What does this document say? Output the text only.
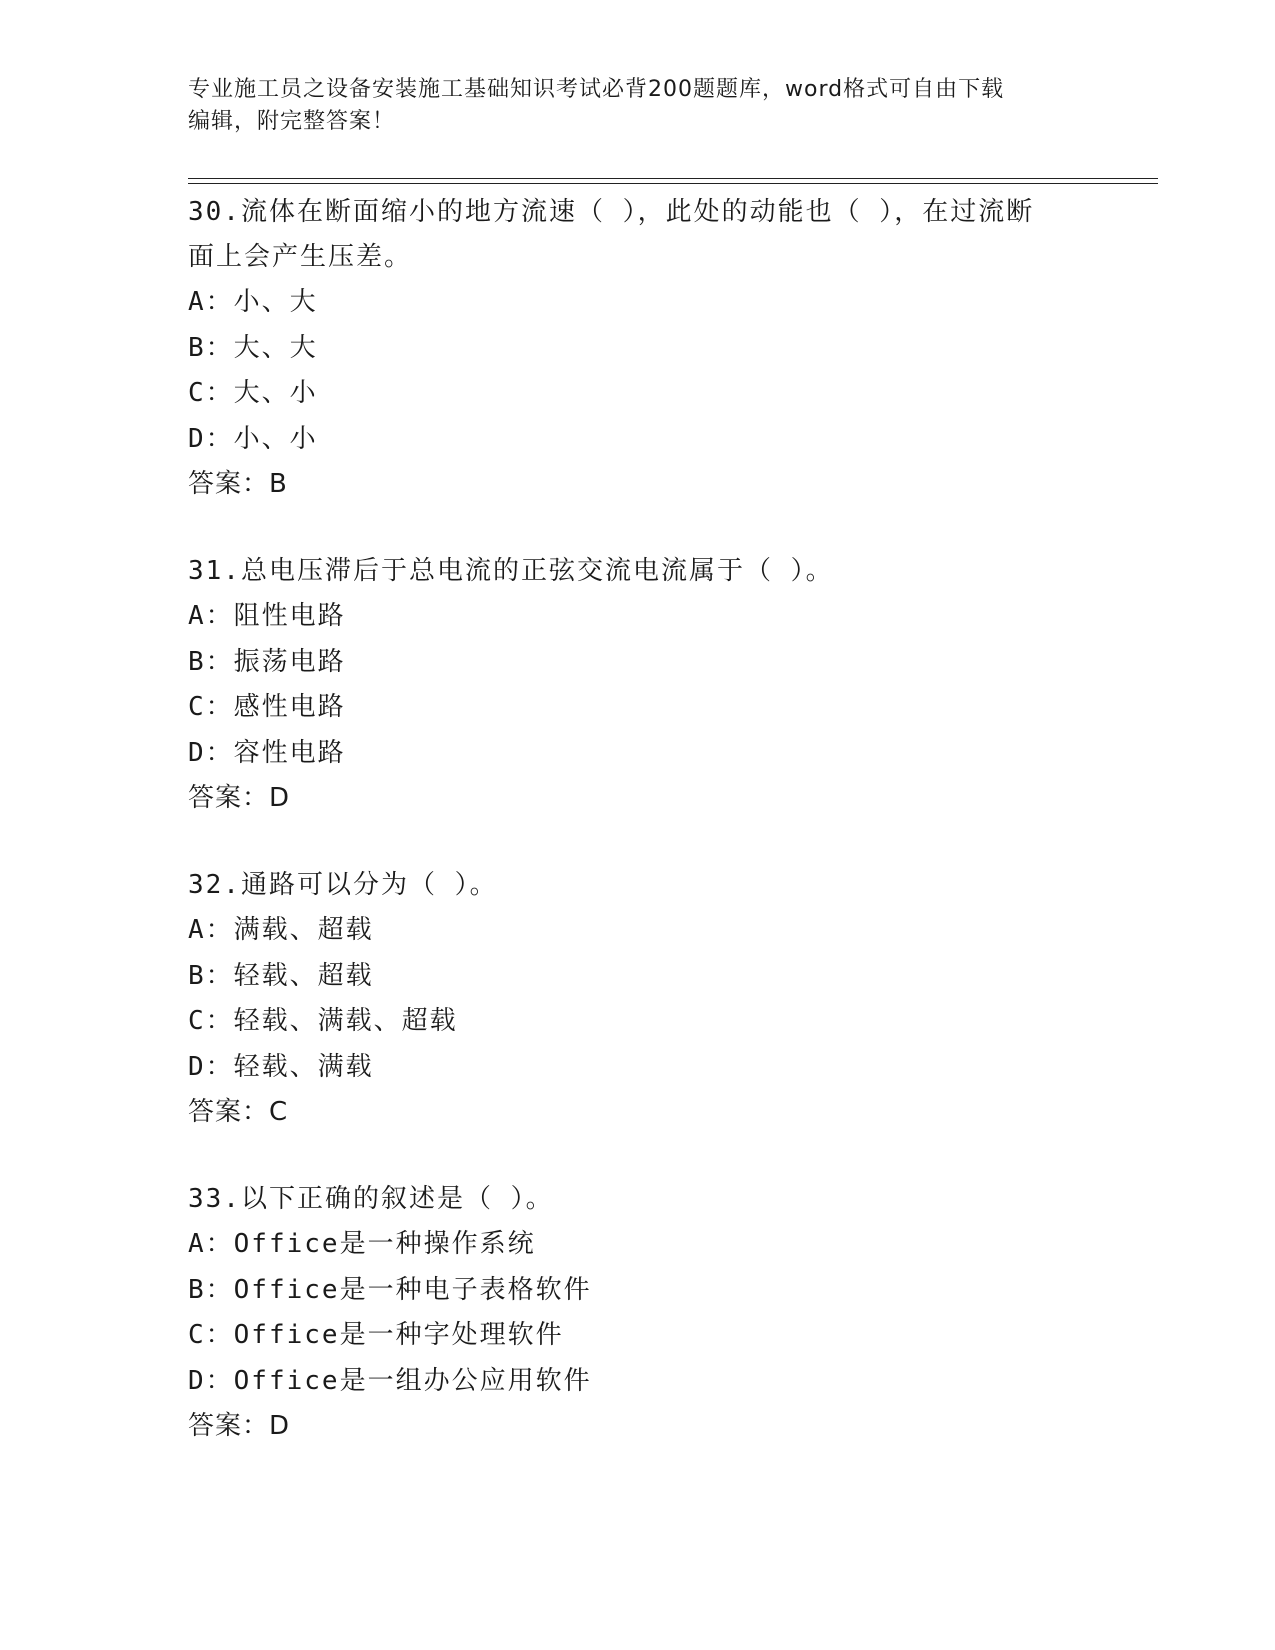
专业施工员之设备安装施工基础知识考试必背200题题库，word格式可自由下载
编辑，附完整答案！

30.流体在断面缩小的地方流速（ ），此处的动能也（ ），在过流断

面上会产生压差。

A：小、大

B：大、大

C：大、小

D：小、小

答案：B

31.总电压滞后于总电流的正弦交流电流属于（ ）。

A：阻性电路

B：振荡电路

C：感性电路

D：容性电路

答案：D

32.通路可以分为（ ）。

A：满载、超载

B：轻载、超载

C：轻载、满载、超载

D：轻载、满载

答案：C

33.以下正确的叙述是（ ）。

A：Office是一种操作系统

B：Office是一种电子表格软件

C：Office是一种字处理软件

D：Office是一组办公应用软件

答案：D
